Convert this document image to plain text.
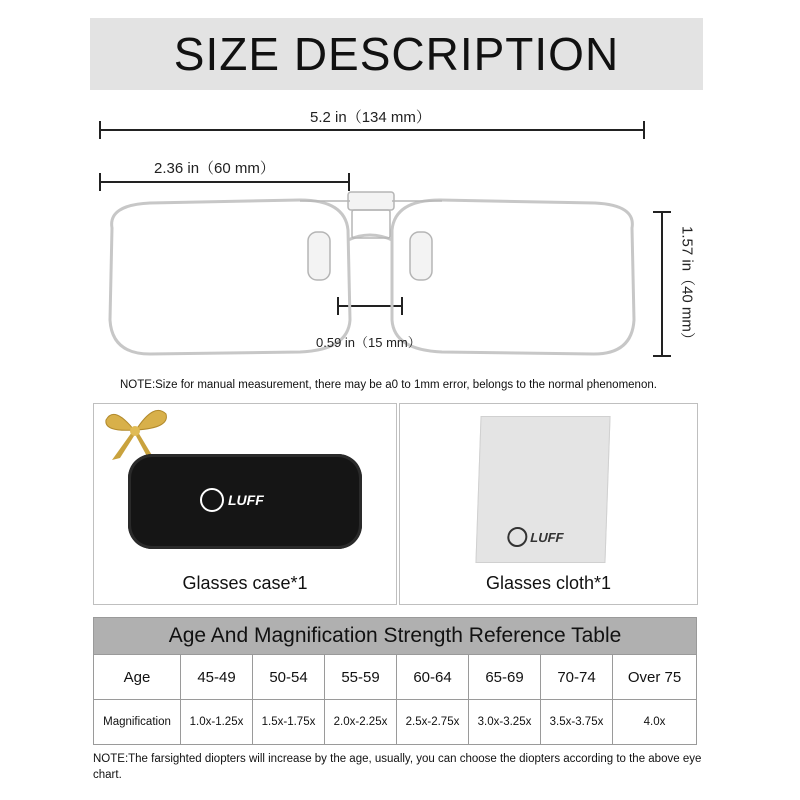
SIZE DESCRIPTION
5.2 in（134 mm）
2.36 in（60 mm）
0.59 in（15 mm）	1.57 in（40 mm）
NOTE:Size for manual measurement, there may be a0 to 1mm error, belongs to the normal phenomenon.
LUFF
Glasses case*1
LUFF
Glasses cloth*1
Age And Magnification Strength Reference Table							
Age	45-49	50-54	55-59	60-64	65-69	70-74	Over 75
Magnification	1.0x-1.25x	1.5x-1.75x	2.0x-2.25x	2.5x-2.75x	3.0x-3.25x	3.5x-3.75x	4.0x
NOTE:The farsighted diopters will increase by the age, usually, you can choose the diopters according to the above eye chart.
